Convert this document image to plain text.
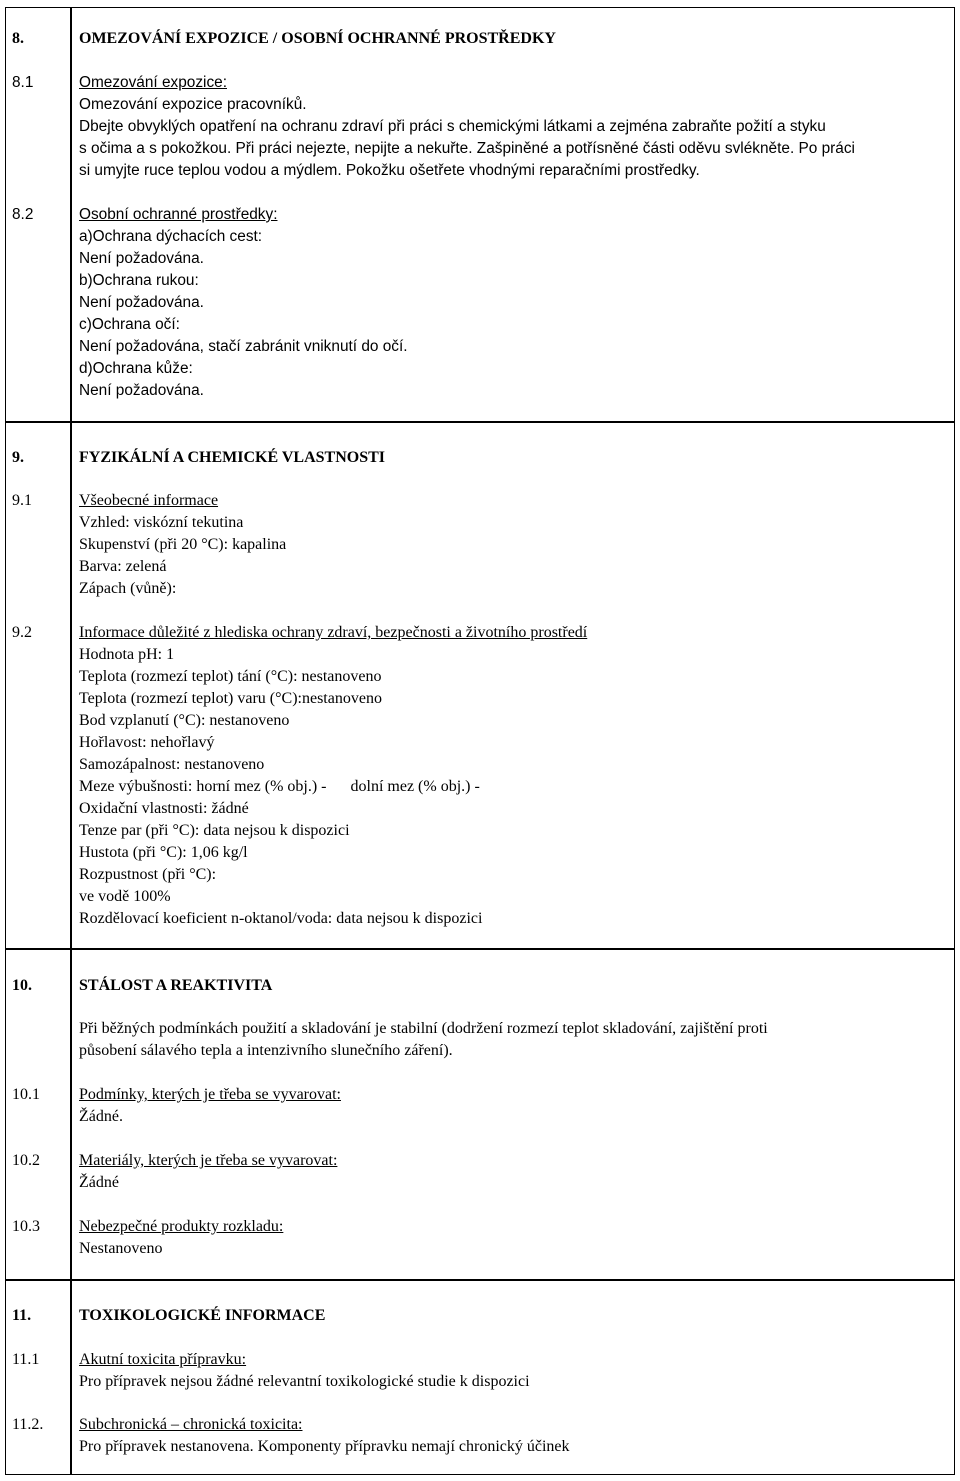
8.	OMEZOVÁNÍ EXPOZICE / OSOBNÍ OCHRANNÉ PROSTŘEDKY
8.1	Omezování expozice:
Omezování expozice pracovníků.
Dbejte obvyklých opatření na ochranu zdraví při práci s chemickými látkami a zejména zabraňte požití a styku
s očima a s pokožkou. Při práci nejezte, nepijte a nekuřte. Zašpiněné a potřísněné části oděvu svlékněte. Po práci
si umyjte ruce teplou vodou a mýdlem. Pokožku ošetřete vhodnými reparačními prostředky.
8.2	Osobní ochranné prostředky:
a)Ochrana dýchacích cest:
Není požadována.
b)Ochrana rukou:
Není požadována.
c)Ochrana očí:
Není požadována, stačí zabránit vniknutí do očí.
d)Ochrana kůže:
Není požadována.
9.	FYZIKÁLNÍ A CHEMICKÉ VLASTNOSTI
9.1	Všeobecné informace
Vzhled: viskózní tekutina
Skupenství (při 20 °C): kapalina
Barva: zelená
Zápach (vůně):
9.2	Informace důležité z hlediska ochrany zdraví, bezpečnosti a životního prostředí
Hodnota pH: 1
Teplota (rozmezí teplot) tání (°C): nestanoveno
Teplota (rozmezí teplot) varu (°C):nestanoveno
Bod vzplanutí (°C): nestanoveno
Hořlavost: nehořlavý
Samozápalnost: nestanoveno
Meze výbušnosti: horní mez (% obj.) -      dolní mez (% obj.) -
Oxidační vlastnosti: žádné
Tenze par (při °C): data nejsou k dispozici
Hustota (při °C): 1,06 kg/l
Rozpustnost (při °C):
ve vodě 100%
Rozdělovací koeficient n-oktanol/voda: data nejsou k dispozici
10.	STÁLOST A REAKTIVITA
Při běžných podmínkách použití a skladování je stabilní (dodržení rozmezí teplot skladování, zajištění proti
působení sálavého tepla a intenzivního slunečního záření).
10.1 Podmínky, kterých je třeba se vyvarovat:
Žádné.
10.2 Materiály, kterých je třeba se vyvarovat:
Žádné
10.3 Nebezpečné produkty rozkladu:
Nestanoveno
11.	TOXIKOLOGICKÉ INFORMACE
11.1 Akutní toxicita přípravku:
Pro přípravek nejsou žádné relevantní toxikologické studie k dispozici
11.2. Subchronická – chronická toxicita:
Pro přípravek nestanovena. Komponenty přípravku nemají chronický účinek
